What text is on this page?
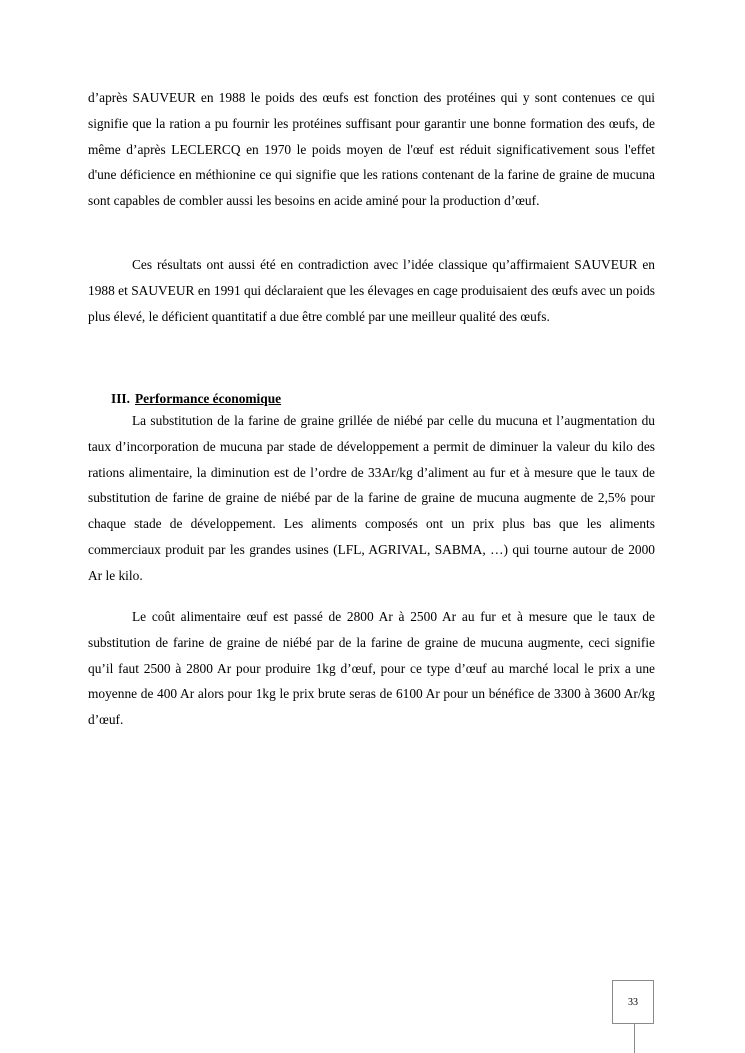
d’après SAUVEUR en 1988 le poids des œufs est fonction des protéines qui y sont contenues ce qui signifie que la ration a pu fournir les protéines suffisant pour garantir une bonne formation des œufs, de même d’après LECLERCQ en 1970 le poids moyen de l'œuf est réduit significativement sous l'effet d'une déficience en méthionine ce qui signifie que les rations contenant de la farine de graine de mucuna sont capables de combler aussi les besoins en acide aminé pour la production d’œuf.

Ces résultats ont aussi été en contradiction avec l’idée classique qu’affirmaient SAUVEUR en 1988 et SAUVEUR en 1991 qui déclaraient que les élevages en cage produisaient des œufs avec un poids plus élevé, le déficient quantitatif a due être comblé par une meilleur qualité des œufs.

III. Performance économique

La substitution de la farine de graine grillée de niébé par celle du mucuna et l’augmentation du taux d’incorporation de mucuna par stade de développement a permit de diminuer la valeur du kilo des rations alimentaire, la diminution est de l’ordre de 33Ar/kg d’aliment au fur et à mesure que le taux de substitution de farine de graine de niébé par de la farine de graine de mucuna augmente de 2,5% pour chaque stade de développement. Les aliments composés ont un prix plus bas que les aliments commerciaux produit par les grandes usines (LFL, AGRIVAL, SABMA, …) qui tourne autour de 2000 Ar le kilo.

Le coût alimentaire œuf est passé de 2800 Ar à 2500 Ar au fur et à mesure que le taux de substitution de farine de graine de niébé par de la farine de graine de mucuna augmente, ceci signifie qu’il faut 2500 à 2800 Ar pour produire 1kg d’œuf, pour ce type d’œuf au marché local le prix a une moyenne de 400 Ar alors pour 1kg le prix brute seras de 6100 Ar pour un bénéfice de 3300 à 3600 Ar/kg d’œuf.

33
